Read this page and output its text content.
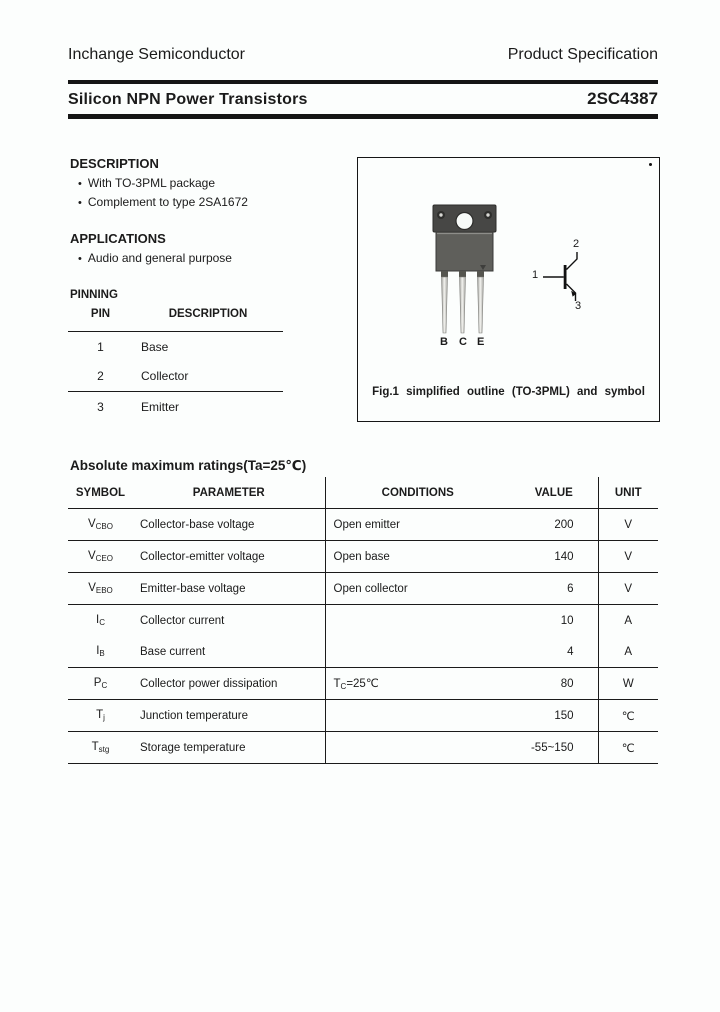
Inchange Semiconductor	Product Specification
Silicon NPN Power Transistors	2SC4387
DESCRIPTION
• With TO-3PML package
• Complement to type 2SA1672
APPLICATIONS
• Audio and general purpose
PINNING
PIN	DESCRIPTION
1	Base
2	Collector
3	Emitter
B C E
1
2
3
Fig.1 simplified outline (TO-3PML) and symbol
Absolute maximum ratings(Ta=25℃)
SYMBOL	PARAMETER	CONDITIONS	VALUE	UNIT
$V_{CBO}$	Collector-base voltage	Open emitter	200	V
$V_{CEO}$	Collector-emitter voltage	Open base	140	V
$V_{EBO}$	Emitter-base voltage	Open collector	6	V
$I_C$	Collector current		10	A
$I_B$	Base current		4	A
$P_C$	Collector power dissipation	$T_C=25℃$	80	W
$T_j$	Junction temperature		150	℃
$T_{stg}$	Storage temperature		-55~150	℃
